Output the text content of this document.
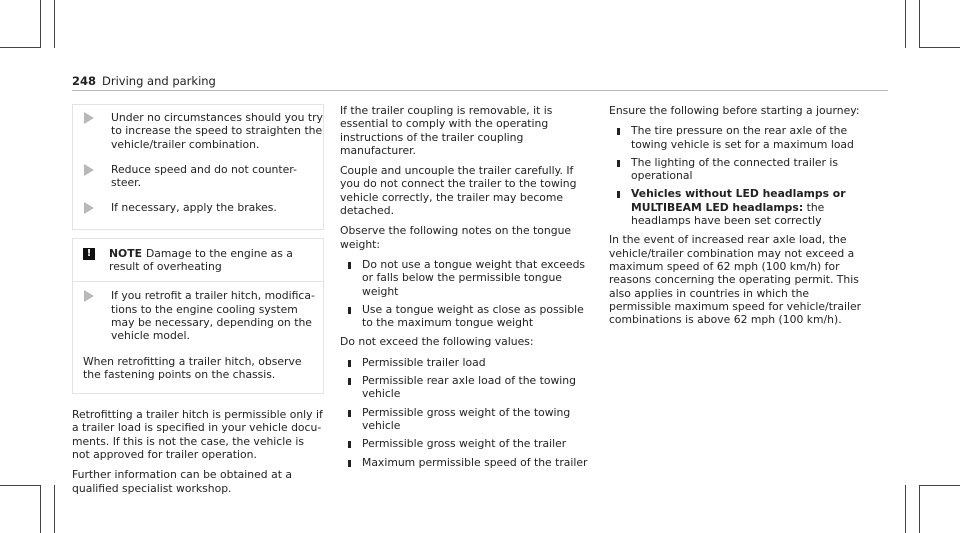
248 Driving and parking
Under no circumstances should you try to increase the speed to straighten the vehicle/trailer combination.
Reduce speed and do not counter-steer.
If necessary, apply the brakes.
!	NOTE Damage to the engine as a result of overheating
If you retrofit a trailer hitch, modifications to the engine cooling system may be necessary, depending on the vehicle model.
When retrofitting a trailer hitch, observe the fastening points on the chassis.

Retrofitting a trailer hitch is permissible only if a trailer load is specified in your vehicle documents. If this is not the case, the vehicle is not approved for trailer operation.

Further information can be obtained at a qualified specialist workshop.

If the trailer coupling is removable, it is essential to comply with the operating instructions of the trailer coupling manufacturer.

Couple and uncouple the trailer carefully. If you do not connect the trailer to the towing vehicle correctly, the trailer may become detached.

Observe the following notes on the tongue weight:

Do not use a tongue weight that exceeds or falls below the permissible tongue weight
Use a tongue weight as close as possible to the maximum tongue weight

Do not exceed the following values:

Permissible trailer load
Permissible rear axle load of the towing vehicle
Permissible gross weight of the towing vehicle
Permissible gross weight of the trailer
Maximum permissible speed of the trailer

Ensure the following before starting a journey:

The tire pressure on the rear axle of the towing vehicle is set for a maximum load
The lighting of the connected trailer is operational
Vehicles without LED headlamps or MULTIBEAM LED headlamps: the headlamps have been set correctly

In the event of increased rear axle load, the vehicle/trailer combination may not exceed a maximum speed of 62 mph (100 km/h) for reasons concerning the operating permit. This also applies in countries in which the permissible maximum speed for vehicle/trailer combinations is above 62 mph (100 km/h).
